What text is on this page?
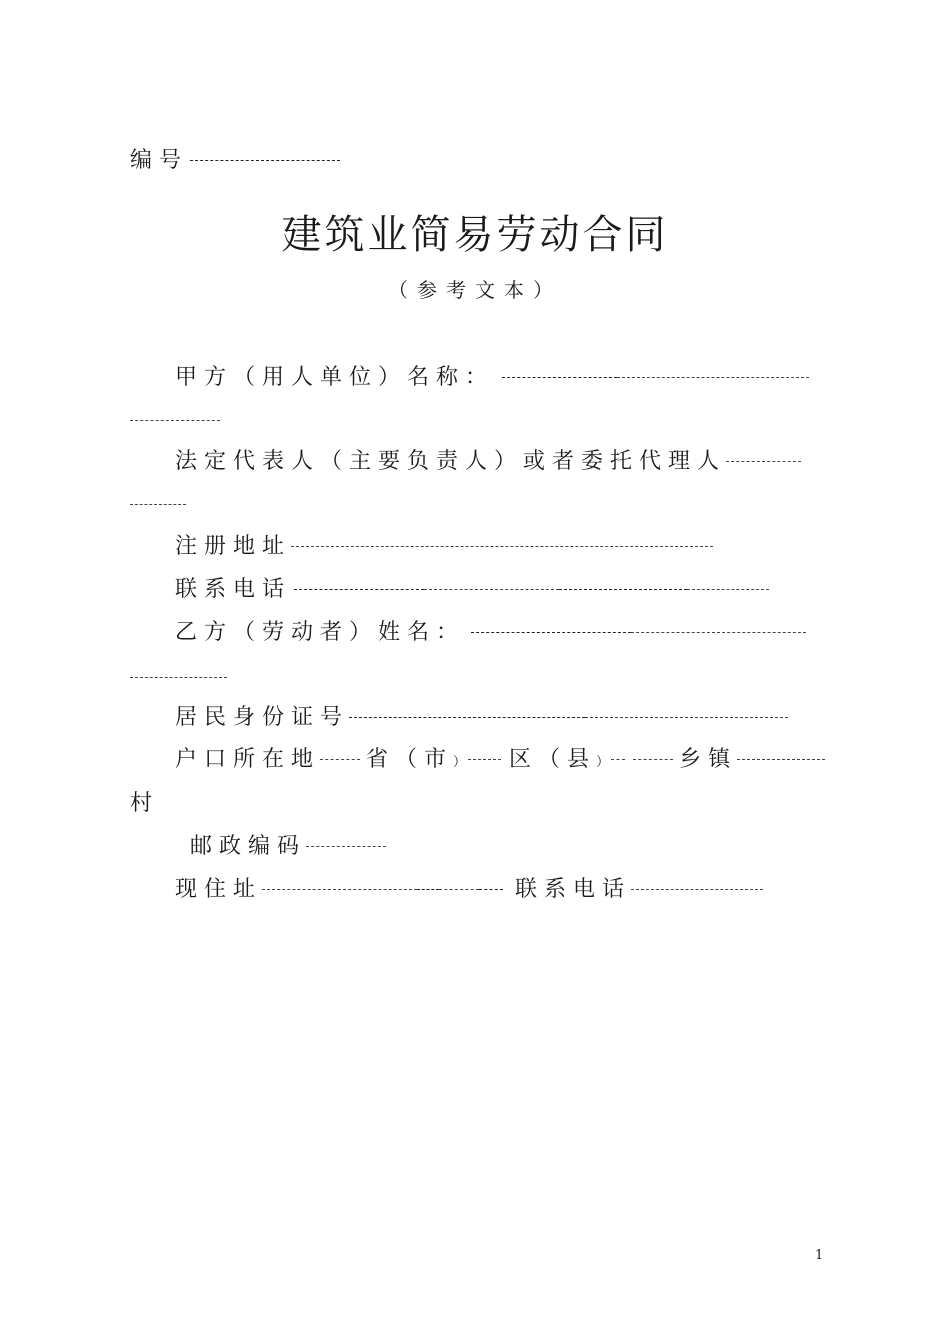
编号
建筑业简易劳动合同
（参考文本）
甲方（用人单位）名称：
法定代表人（主要负责人）或者委托代理人
注册地址
联系电话
乙方（劳动者）姓名：
居民身份证号
户口所在地 省（市） 区（县）	乡镇
村
邮政编码
现住址	联系电话
1
